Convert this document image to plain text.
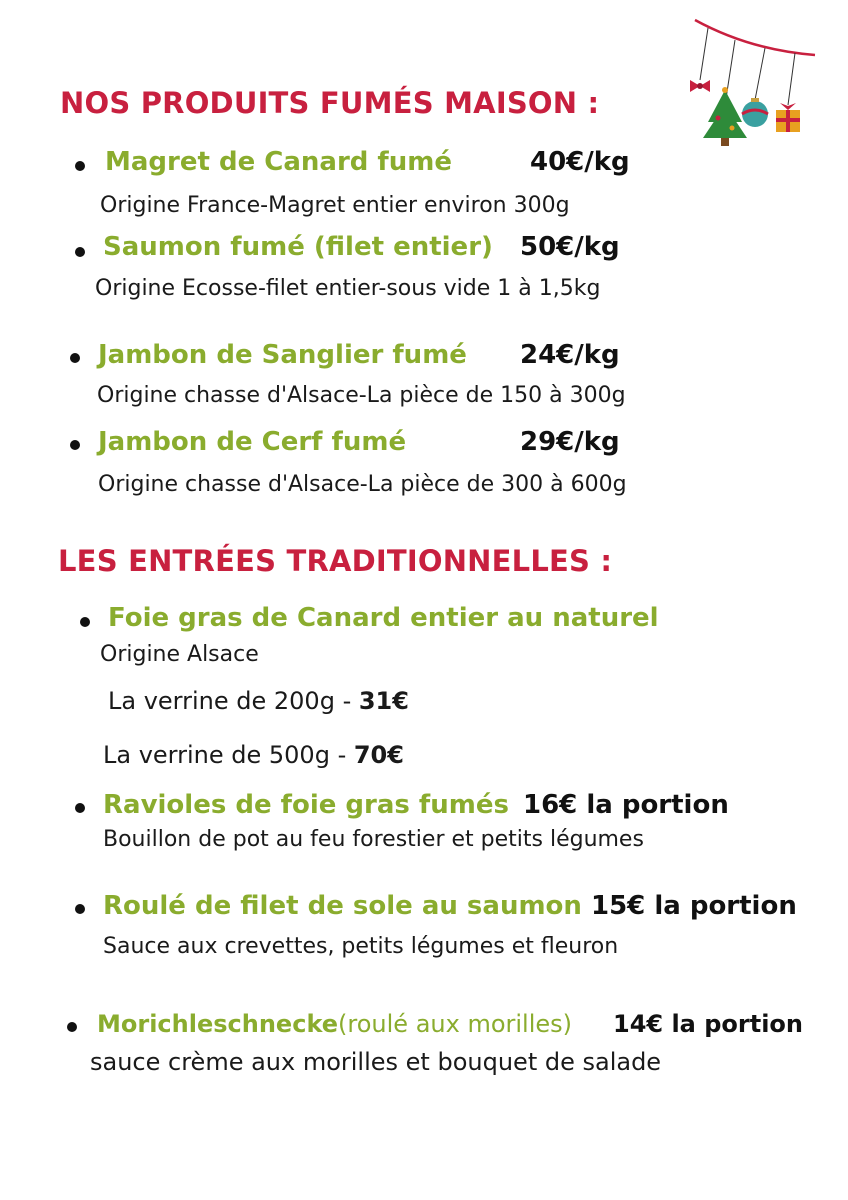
NOS PRODUITS FUMÉS MAISON :
Magret de Canard fumé	40€/kg
Origine France-Magret entier environ 300g
Saumon fumé (filet entier) 50€/kg
Origine Ecosse-filet entier-sous vide 1 à 1,5kg
Jambon de Sanglier fumé 24€/kg
Origine chasse d'Alsace-La pièce de 150 à 300g
Jambon de Cerf fumé	29€/kg
Origine chasse d'Alsace-La pièce de 300 à 600g
LES ENTRÉES TRADITIONNELLES :
Foie gras de Canard entier au naturel
Origine Alsace
La verrine de 200g - 31€
La verrine de 500g - 70€
Ravioles de foie gras fumés 16€ la portion
Bouillon de pot au feu forestier et petits légumes
Roulé de filet de sole au saumon 15€ la portion
Sauce aux crevettes, petits légumes et fleuron
Morichleschnecke(roulé aux morilles) 14€ la portion
sauce crème aux morilles et bouquet de salade
